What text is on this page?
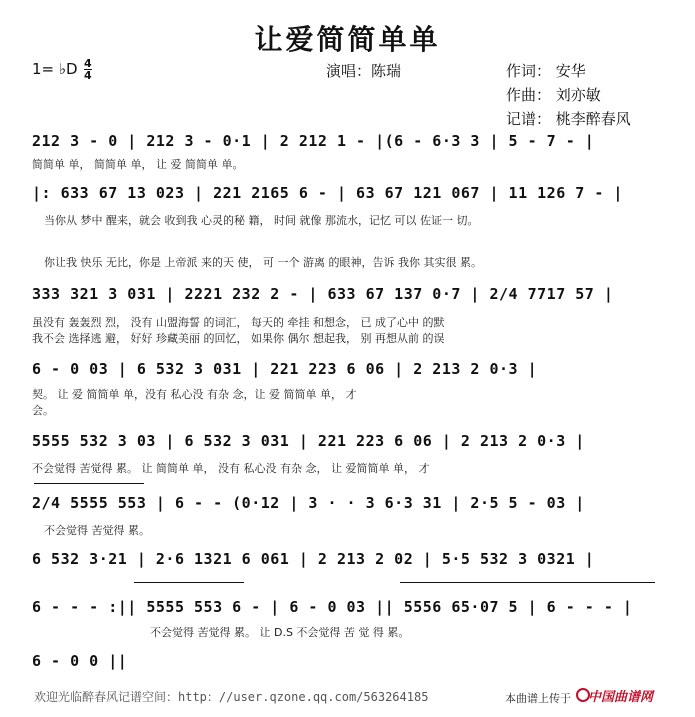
让爱简简单单
1= ♭D 4
4	演唱：陈瑞	作词： 安华
作曲： 刘亦敏
记谱： 桃李醉春风
212 3 - 0 | 212 3 - 0·1 | 2 212 1 - |(6 - 6·3 3 | 5 - 7 - |
简简单 单， 简简单 单， 让 爱 简简单 单。
|: 633 67 13 023 | 221 2165 6 - | 63 67 121 067 | 11 126 7 - |
当你从 梦中 醒来，就会 收到我 心灵的秘 籍， 时间 就像 那流水，记忆 可以 佐证一 切。
你让我 快乐 无比，你是 上帝派 来的天 使， 可 一个 游离 的眼神，告诉 我你 其实很 累。
333 321 3 031 | 2221 232 2 - | 633 67 137 0·7 | 2/4 7717 57 |
虽没有 轰轰烈 烈， 没有 山盟海誓 的词汇， 每天的 牵挂 和想念， 已 成了心中 的默
我不会 选择逃 避， 好好 珍藏美丽 的回忆， 如果你 偶尔 想起我， 别 再想从前 的误
6 - 0 03 | 6 532 3 031 | 221 223 6 06 | 2 213 2 0·3 |
契。 让 爱 简简单 单，没有 私心没 有杂 念，让 爱 简简单 单， 才
会。
5555 532 3 03 | 6 532 3 031 | 221 223 6 06 | 2 213 2 0·3 |
不会觉得 苦觉得 累。 让 简简单 单， 没有 私心没 有杂 念， 让 爱简简单 单， 才
2/4 5555 553 | 6 - - (0·12 | 3 · · 3 6·3 31 | 2·5 5 - 03 |
不会觉得 苦觉得 累。
6 532 3·21 | 2·6 1321 6 061 | 2 213 2 02 | 5·5 532 3 0321 |
6 - - - :|| 5555 553 6 - | 6 - 0 03 || 5556 65·07 5 | 6 - - - |
不会觉得 苦觉得 累。 让 D.S 不会觉得 苦 觉 得 累。
6 - 0 0 ||
欢迎光临醉春风记谱空间：http：//user.qzone.qq.com/563264185	本曲谱上传于 中国曲谱网
